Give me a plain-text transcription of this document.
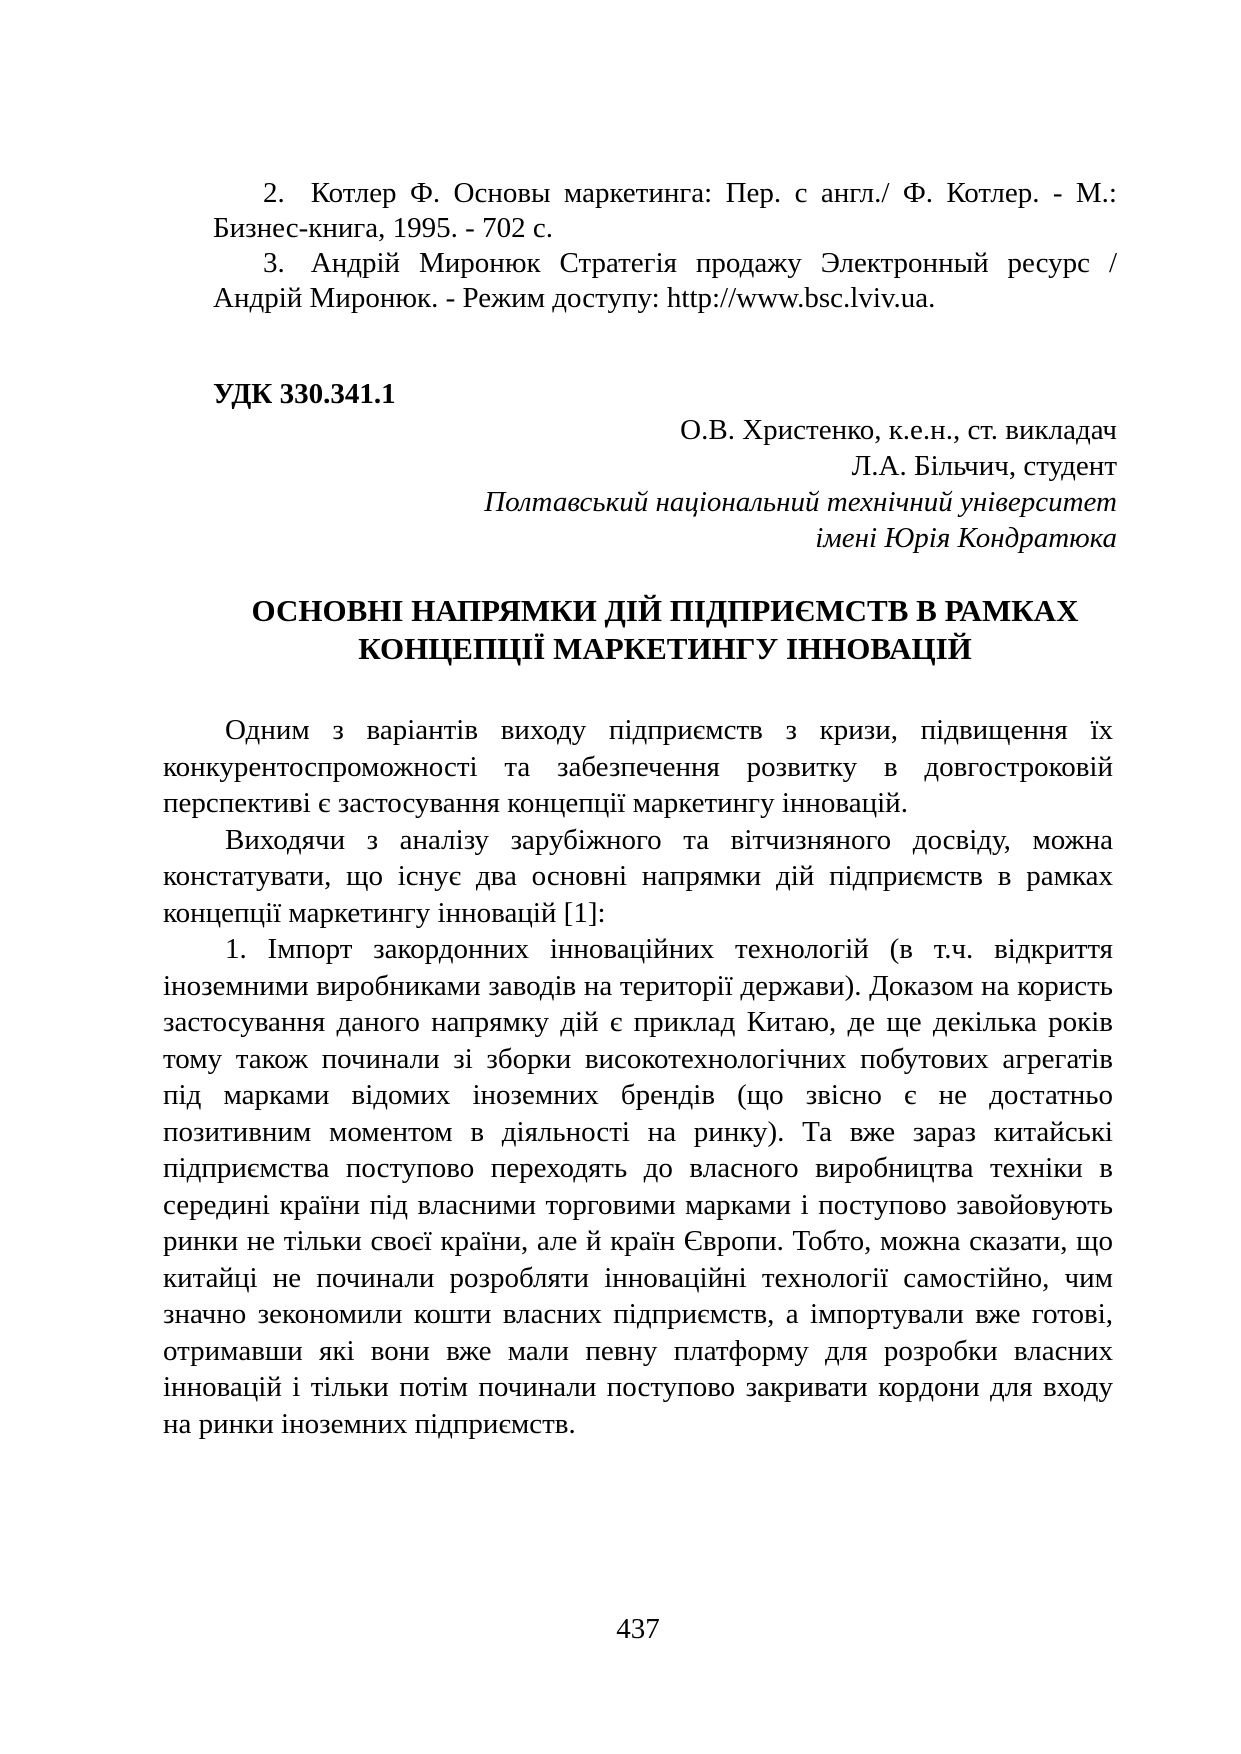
2. Котлер Ф. Основы маркетинга: Пер. с англ./ Ф. Котлер. - М.: Бизнес-книга, 1995. - 702 с.

3. Андрій Миронюк Стратегія продажу Электронный ресурс / Андрій Миронюк. - Режим доступу: http://www.bsc.lviv.ua.

УДК 330.341.1

О.В. Христенко, к.е.н., ст. викладач

Л.А. Більчич, студент

Полтавський національний технічний університет

імені Юрія Кондратюка

ОСНОВНІ НАПРЯМКИ ДІЙ ПІДПРИЄМСТВ В РАМКАХ КОНЦЕПЦІЇ МАРКЕТИНГУ ІННОВАЦІЙ

Одним з варіантів виходу підприємств з кризи, підвищення їх конкурентоспроможності та забезпечення розвитку в довгостроковій перспективі є застосування концепції маркетингу інновацій.

Виходячи з аналізу зарубіжного та вітчизняного досвіду, можна констатувати, що існує два основні напрямки дій підприємств в рамках концепції маркетингу інновацій [1]:

1. Імпорт закордонних інноваційних технологій (в т.ч. відкриття іноземними виробниками заводів на території держави). Доказом на користь застосування даного напрямку дій є приклад Китаю, де ще декілька років тому також починали зі зборки високотехнологічних побутових агрегатів під марками відомих іноземних брендів (що звісно є не достатньо позитивним моментом в діяльності на ринку). Та вже зараз китайські підприємства поступово переходять до власного виробництва техніки в середині країни під власними торговими марками і поступово завойовують ринки не тільки своєї країни, але й країн Європи. Тобто, можна сказати, що китайці не починали розробляти інноваційні технології самостійно, чим значно зекономили кошти власних підприємств, а імпортували вже готові, отримавши які вони вже мали певну платформу для розробки власних інновацій і тільки потім починали поступово закривати кордони для входу на ринки іноземних підприємств.

437
